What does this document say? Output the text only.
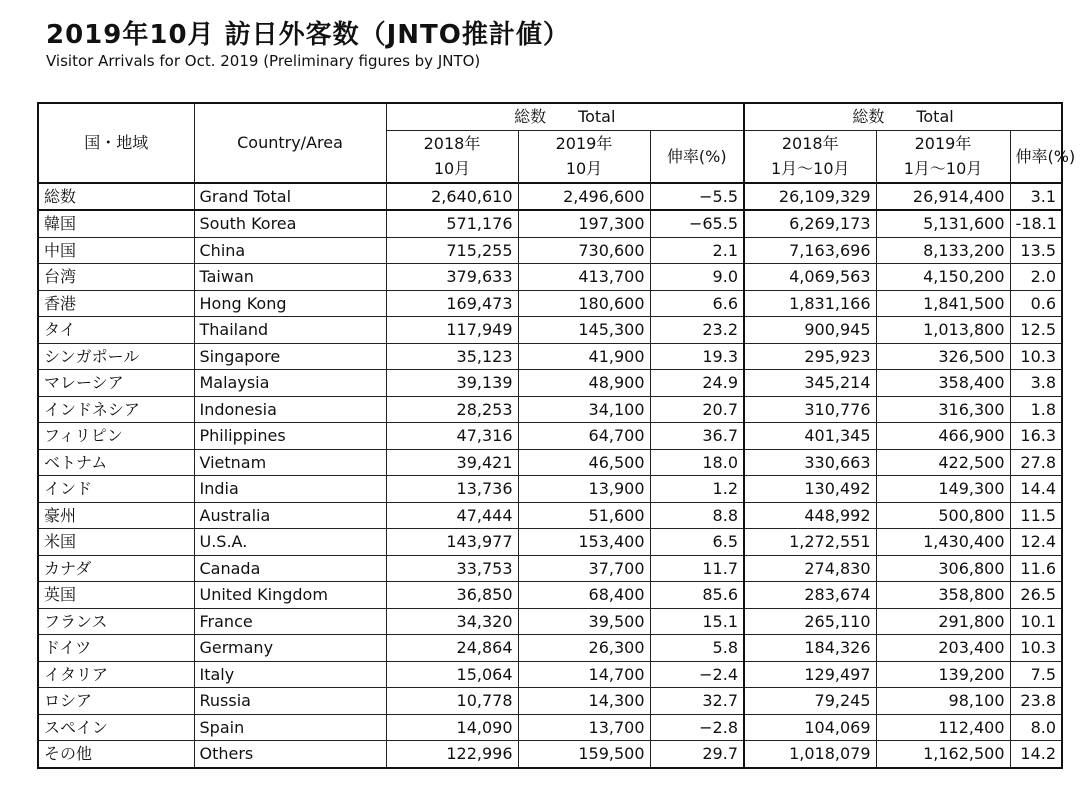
2019年10月 訪日外客数（JNTO推計値）
Visitor Arrivals for Oct. 2019 (Preliminary figures by JNTO)
国・地域	Country/Area	総数　　Total			総数　　Total		
		2018年	2019年	伸率(%)	2018年	2019年	伸率(%)
		10月	10月		1月～10月	1月～10月	
総数	Grand Total	2,640,610	2,496,600	−5.5	26,109,329	26,914,400	3.1
韓国	South Korea	571,176	197,300	−65.5	6,269,173	5,131,600	-18.1
中国	China	715,255	730,600	2.1	7,163,696	8,133,200	13.5
台湾	Taiwan	379,633	413,700	9.0	4,069,563	4,150,200	2.0
香港	Hong Kong	169,473	180,600	6.6	1,831,166	1,841,500	0.6
タイ	Thailand	117,949	145,300	23.2	900,945	1,013,800	12.5
シンガポール	Singapore	35,123	41,900	19.3	295,923	326,500	10.3
マレーシア	Malaysia	39,139	48,900	24.9	345,214	358,400	3.8
インドネシア	Indonesia	28,253	34,100	20.7	310,776	316,300	1.8
フィリピン	Philippines	47,316	64,700	36.7	401,345	466,900	16.3
ベトナム	Vietnam	39,421	46,500	18.0	330,663	422,500	27.8
インド	India	13,736	13,900	1.2	130,492	149,300	14.4
豪州	Australia	47,444	51,600	8.8	448,992	500,800	11.5
米国	U.S.A.	143,977	153,400	6.5	1,272,551	1,430,400	12.4
カナダ	Canada	33,753	37,700	11.7	274,830	306,800	11.6
英国	United Kingdom	36,850	68,400	85.6	283,674	358,800	26.5
フランス	France	34,320	39,500	15.1	265,110	291,800	10.1
ドイツ	Germany	24,864	26,300	5.8	184,326	203,400	10.3
イタリア	Italy	15,064	14,700	−2.4	129,497	139,200	7.5
ロシア	Russia	10,778	14,300	32.7	79,245	98,100	23.8
スペイン	Spain	14,090	13,700	−2.8	104,069	112,400	8.0
その他	Others	122,996	159,500	29.7	1,018,079	1,162,500	14.2
